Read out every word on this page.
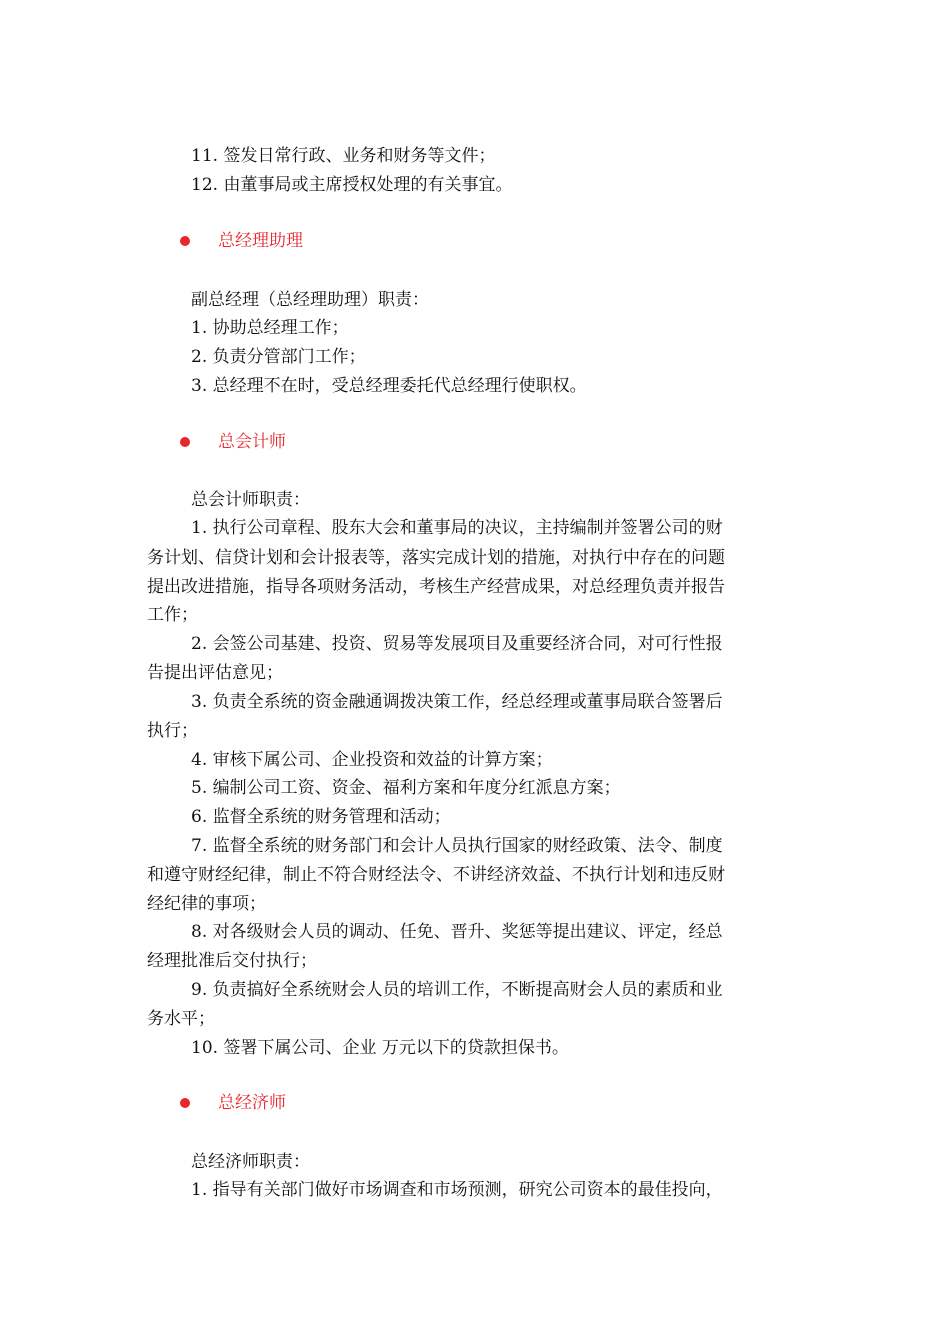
11. 签发日常行政、业务和财务等文件；
12. 由董事局或主席授权处理的有关事宜。
总经理助理
副总经理（总经理助理）职责：
1. 协助总经理工作；
2. 负责分管部门工作；
3. 总经理不在时，受总经理委托代总经理行使职权。
总会计师
总会计师职责：
1. 执行公司章程、股东大会和董事局的决议，主持编制并签署公司的财
务计划、信贷计划和会计报表等，落实完成计划的措施，对执行中存在的问题
提出改进措施，指导各项财务活动，考核生产经营成果，对总经理负责并报告
工作；
2. 会签公司基建、投资、贸易等发展项目及重要经济合同，对可行性报
告提出评估意见；
3. 负责全系统的资金融通调拨决策工作，经总经理或董事局联合签署后
执行；
4. 审核下属公司、企业投资和效益的计算方案；
5. 编制公司工资、资金、福利方案和年度分红派息方案；
6. 监督全系统的财务管理和活动；
7. 监督全系统的财务部门和会计人员执行国家的财经政策、法令、制度
和遵守财经纪律，制止不符合财经法令、不讲经济效益、不执行计划和违反财
经纪律的事项；
8. 对各级财会人员的调动、任免、晋升、奖惩等提出建议、评定，经总
经理批准后交付执行；
9. 负责搞好全系统财会人员的培训工作，不断提高财会人员的素质和业
务水平；
10. 签署下属公司、企业 万元以下的贷款担保书。
总经济师
总经济师职责：
1. 指导有关部门做好市场调查和市场预测，研究公司资本的最佳投向，
